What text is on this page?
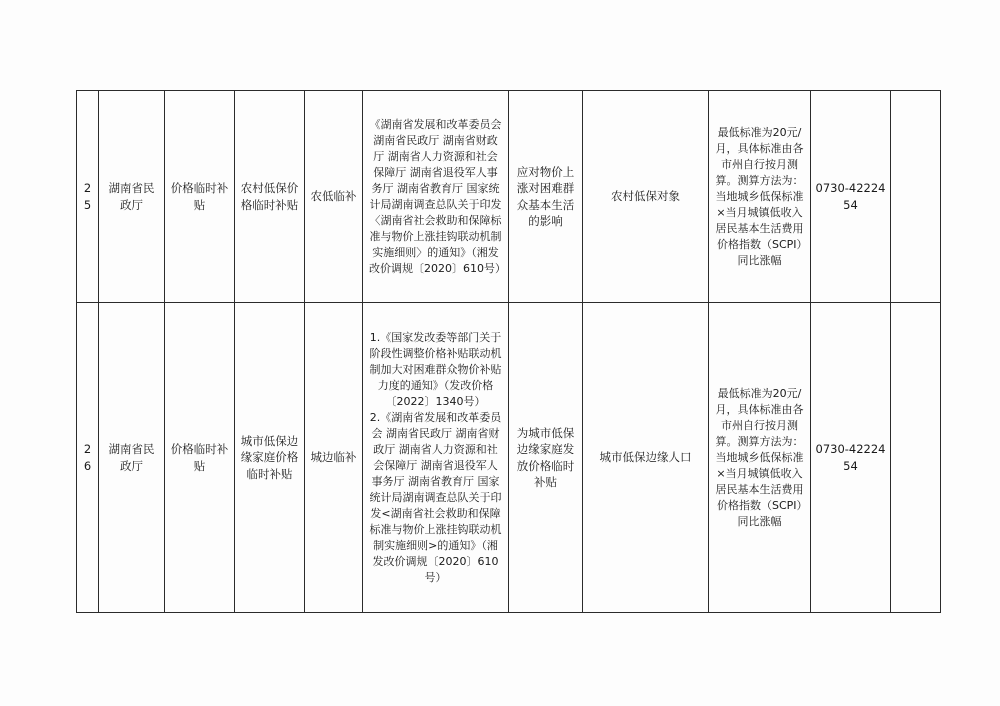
25	湖南省民政厅	价格临时补贴	农村低保价格临时补贴	农低临补	《湖南省发展和改革委员会 湖南省民政厅 湖南省财政厅 湖南省人力资源和社会保障厅 湖南省退役军人事务厅 湖南省教育厅 国家统计局湖南调查总队关于印发〈湖南省社会救助和保障标准与物价上涨挂钩联动机制实施细则〉的通知》（湘发改价调规〔2020〕610号）	应对物价上涨对困难群众基本生活的影响	农村低保对象	最低标准为20元/月，具体标准由各市州自行按月测算。测算方法为：当地城乡低保标准×当月城镇低收入居民基本生活费用价格指数（SCPI）同比涨幅	0730-4222454	
26	湖南省民政厅	价格临时补贴	城市低保边缘家庭价格临时补贴	城边临补	1.《国家发改委等部门关于阶段性调整价格补贴联动机制加大对困难群众物价补贴力度的通知》（发改价格〔2022〕1340号）
2.《湖南省发展和改革委员会 湖南省民政厅 湖南省财政厅 湖南省人力资源和社会保障厅 湖南省退役军人事务厅 湖南省教育厅 国家统计局湖南调查总队关于印发<湖南省社会救助和保障标准与物价上涨挂钩联动机制实施细则>的通知》（湘发改价调规〔2020〕610号）	为城市低保边缘家庭发放价格临时补贴	城市低保边缘人口	最低标准为20元/月，具体标准由各市州自行按月测算。测算方法为：当地城乡低保标准×当月城镇低收入居民基本生活费用价格指数（SCPI）同比涨幅	0730-4222454	
